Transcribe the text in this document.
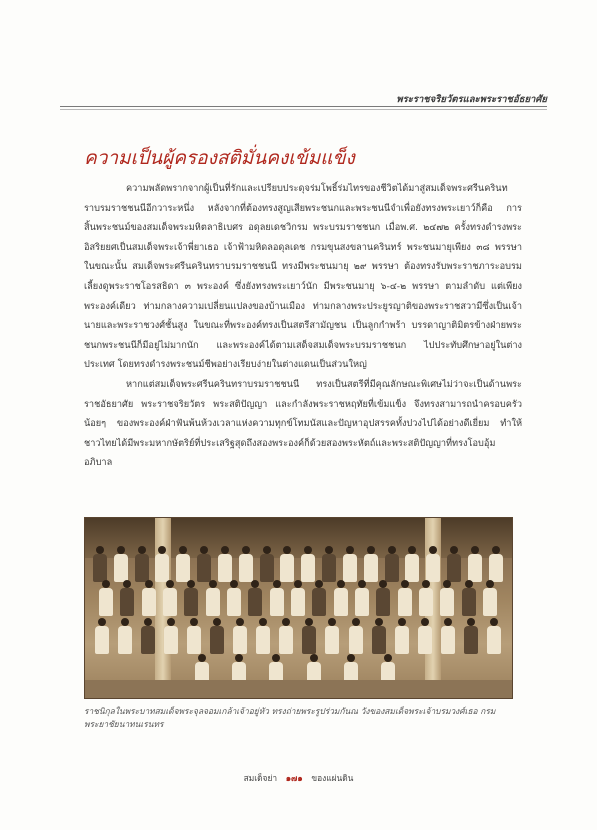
พระราชจริยวัตรและพระราชอัธยาศัย
ความเป็นผู้ครองสติมั่นคงเข้มแข็ง

ความพลัดพรากจากผู้เป็นที่รักและเปรียบประดุจร่มโพธิ์ร่มไทรของชีวิตได้มาสู่สมเด็จพระศรีนครินทราบรมราชชนนีอีกวาระหนึ่ง หลังจากที่ต้องทรงสูญเสียพระชนกและพระชนนีจำเพื่อยังทรงพระเยาว์ก็คือ การสิ้นพระชนม์ของสมเด็จพระมหิตลาธิเบศร อดุลยเดชวิกรม พระบรมราชชนก เมื่อพ.ศ. ๒๔๗๒ ครั้งทรงดำรงพระอิสริยยศเป็นสมเด็จพระเจ้าพี่ยาเธอ เจ้าฟ้ามหิดลอดุลเดช กรมขุนสงขลานครินทร์ พระชนมายุเพียง ๓๘ พรรษา ในขณะนั้น สมเด็จพระศรีนครินทราบรมราชชนนี ทรงมีพระชนมายุ ๒๙ พรรษา ต้องทรงรับพระราชภาระอบรมเลี้ยงดูพระราชโอรสธิดา ๓ พระองค์ ซึ่งยังทรงพระเยาว์นัก มีพระชนมายุ ๖-๔-๒ พรรษา ตามลำดับ แต่เพียงพระองค์เดียว ท่ามกลางความเปลี่ยนแปลงของบ้านเมือง ท่ามกลางพระประยูรญาติของพระราชสวามีซึ่งเป็นเจ้านายและพระราชวงศ์ชั้นสูง ในขณะที่พระองค์ทรงเป็นสตรีสามัญชน เป็นลูกกำพร้า บรรดาญาติมิตรข้างฝ่ายพระชนกพระชนนีก็มีอยู่ไม่มากนัก และพระองค์ได้ตามเสด็จสมเด็จพระบรมราชชนก ไปประทับศึกษาอยู่ในต่างประเทศ โดยทรงดำรงพระชนม์ชีพอย่างเรียบง่ายในต่างแดนเป็นส่วนใหญ่

หากแต่สมเด็จพระศรีนครินทราบรมราชชนนี ทรงเป็นสตรีที่มีคุณลักษณะพิเศษไม่ว่าจะเป็นด้านพระราชอัธยาศัย พระราชจริยวัตร พระสติปัญญา และกำลังพระราชหฤทัยที่เข้มแข็ง จึงทรงสามารถนำครอบครัวน้อยๆ ของพระองค์ฝ่าฟันพ้นห้วงเวลาแห่งความทุกข์โทมนัสและปัญหาอุปสรรคทั้งปวงไปได้อย่างดีเยี่ยม ทำให้ชาวไทยได้มีพระมหากษัตริย์ที่ประเสริฐสุดถึงสองพระองค์ก็ด้วยสองพระหัตถ์และพระสติปัญญาที่ทรงโอบอุ้มอภิบาล

ราชนิกุลในพระบาทสมเด็จพระจุลจอมเกล้าเจ้าอยู่หัว ทรงถ่ายพระรูปร่วมกันณ วังของสมเด็จพระเจ้าบรมวงศ์เธอ กรมพระยาชัยนาทนเรนทร
สมเด็จย่า ๑๗๑ ของแผ่นดิน
